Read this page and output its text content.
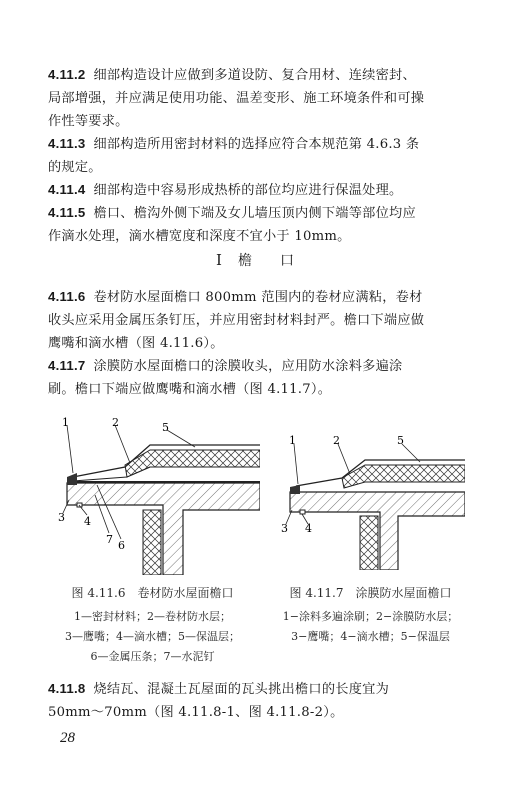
4.11.2 细部构造设计应做到多道设防、复合用材、连续密封、
局部增强，并应满足使用功能、温差变形、施工环境条件和可操
作性等要求。
4.11.3 细部构造所用密封材料的选择应符合本规范第 4.6.3 条
的规定。
4.11.4 细部构造中容易形成热桥的部位均应进行保温处理。
4.11.5 檐口、檐沟外侧下端及女儿墙压顶内侧下端等部位均应
作滴水处理，滴水槽宽度和深度不宜小于 10mm。
I 檐 口
4.11.6 卷材防水屋面檐口 800mm 范围内的卷材应满粘，卷材
收头应采用金属压条钉压，并应用密封材料封严。檐口下端应做
鹰嘴和滴水槽（图 4.11.6）。
4.11.7 涂膜防水屋面檐口的涂膜收头，应用防水涂料多遍涂
刷。檐口下端应做鹰嘴和滴水槽（图 4.11.7）。
1	2	5
3 4
7 6
1	2	5
3 4
图 4.11.6　卷材防水屋面檐口
1—密封材料；2—卷材防水层；
3—鹰嘴；4—滴水槽；5—保温层；
6—金属压条；7—水泥钉
图 4.11.7　涂膜防水屋面檐口
1−涂料多遍涂刷；2−涂膜防水层；
3−鹰嘴；4−滴水槽；5−保温层
4.11.8 烧结瓦、混凝土瓦屋面的瓦头挑出檐口的长度宜为
50mm～70mm（图 4.11.8-1、图 4.11.8-2）。
28
